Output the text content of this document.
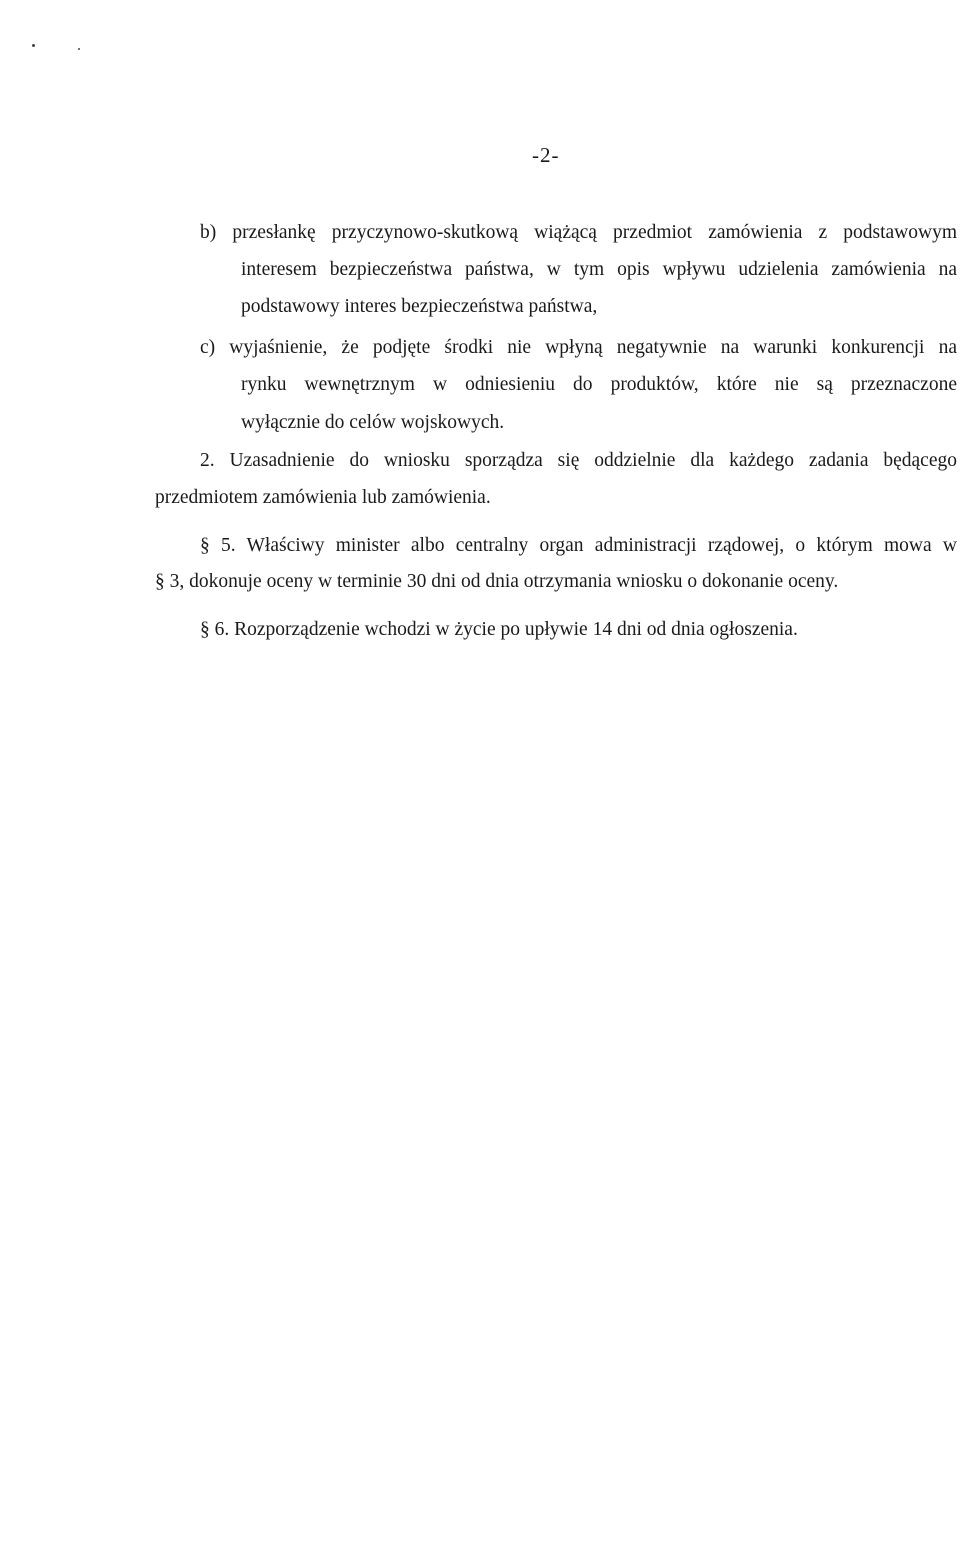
-2-
b) przesłankę przyczynowo-skutkową wiążącą przedmiot zamówienia z podstawowym
interesem bezpieczeństwa państwa, w tym opis wpływu udzielenia zamówienia na
podstawowy interes bezpieczeństwa państwa,
c) wyjaśnienie, że podjęte środki nie wpłyną negatywnie na warunki konkurencji na
rynku wewnętrznym w odniesieniu do produktów, które nie są przeznaczone
wyłącznie do celów wojskowych.
2. Uzasadnienie do wniosku sporządza się oddzielnie dla każdego zadania będącego
przedmiotem zamówienia lub zamówienia.
§ 5. Właściwy minister albo centralny organ administracji rządowej, o którym mowa w
§ 3, dokonuje oceny w terminie 30 dni od dnia otrzymania wniosku o dokonanie oceny.
§ 6. Rozporządzenie wchodzi w życie po upływie 14 dni od dnia ogłoszenia.
